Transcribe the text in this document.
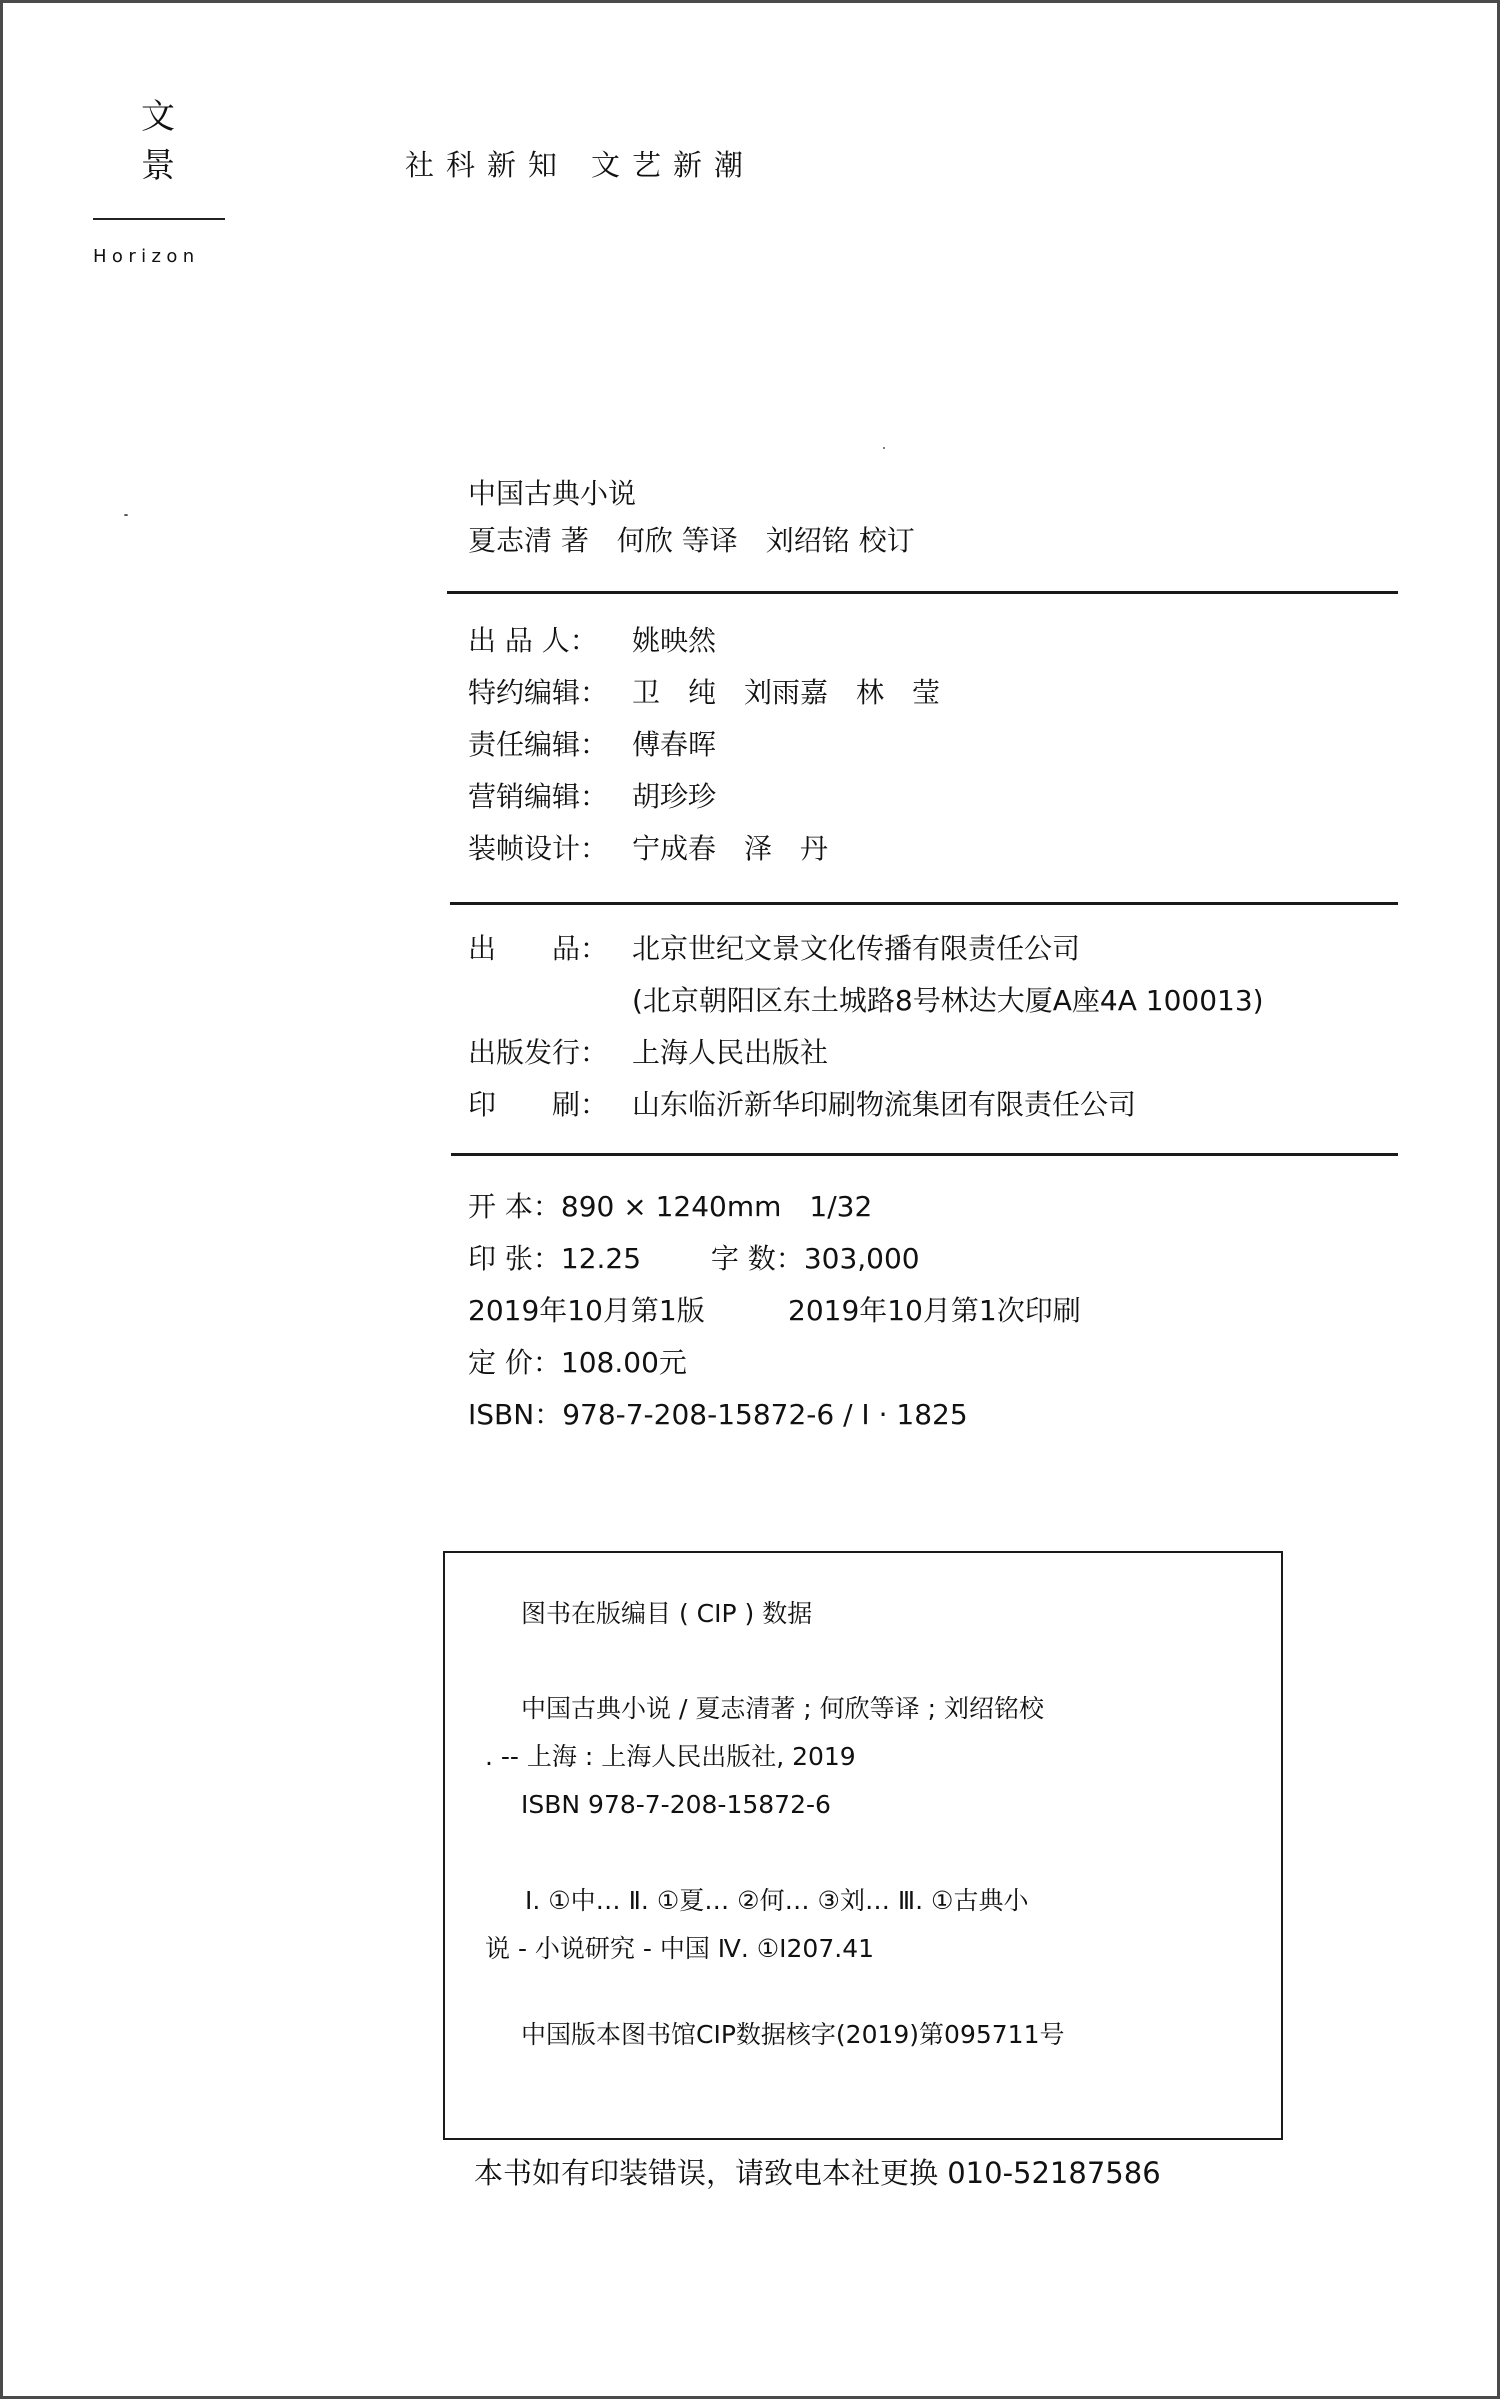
文
景
Horizon
社科新知 文艺新潮
中国古典小说
夏志清 著　何欣 等译　刘绍铭 校订
出 品 人： 姚映然
特约编辑： 卫　纯　刘雨嘉　林　莹
责任编辑： 傅春晖
营销编辑： 胡珍珍
装帧设计： 宁成春　泽　丹
出　　品： 北京世纪文景文化传播有限责任公司
(北京朝阳区东土城路8号林达大厦A座4A 100013)
出版发行： 上海人民出版社
印　　刷： 山东临沂新华印刷物流集团有限责任公司
开 本：890 × 1240mm　1/32
印 张：12.25 字 数：303,000
2019年10月第1版	2019年10月第1次印刷
定 价：108.00元
ISBN：978-7-208-15872-6 / I · 1825
图书在版编目 ( CIP ) 数据
中国古典小说 / 夏志清著 ; 何欣等译 ; 刘绍铭校
. -- 上海 : 上海人民出版社, 2019
ISBN 978-7-208-15872-6
Ⅰ. ①中… Ⅱ. ①夏… ②何… ③刘… Ⅲ. ①古典小
说 - 小说研究 - 中国 Ⅳ. ①I207.41
中国版本图书馆CIP数据核字(2019)第095711号
本书如有印装错误，请致电本社更换 010-52187586
